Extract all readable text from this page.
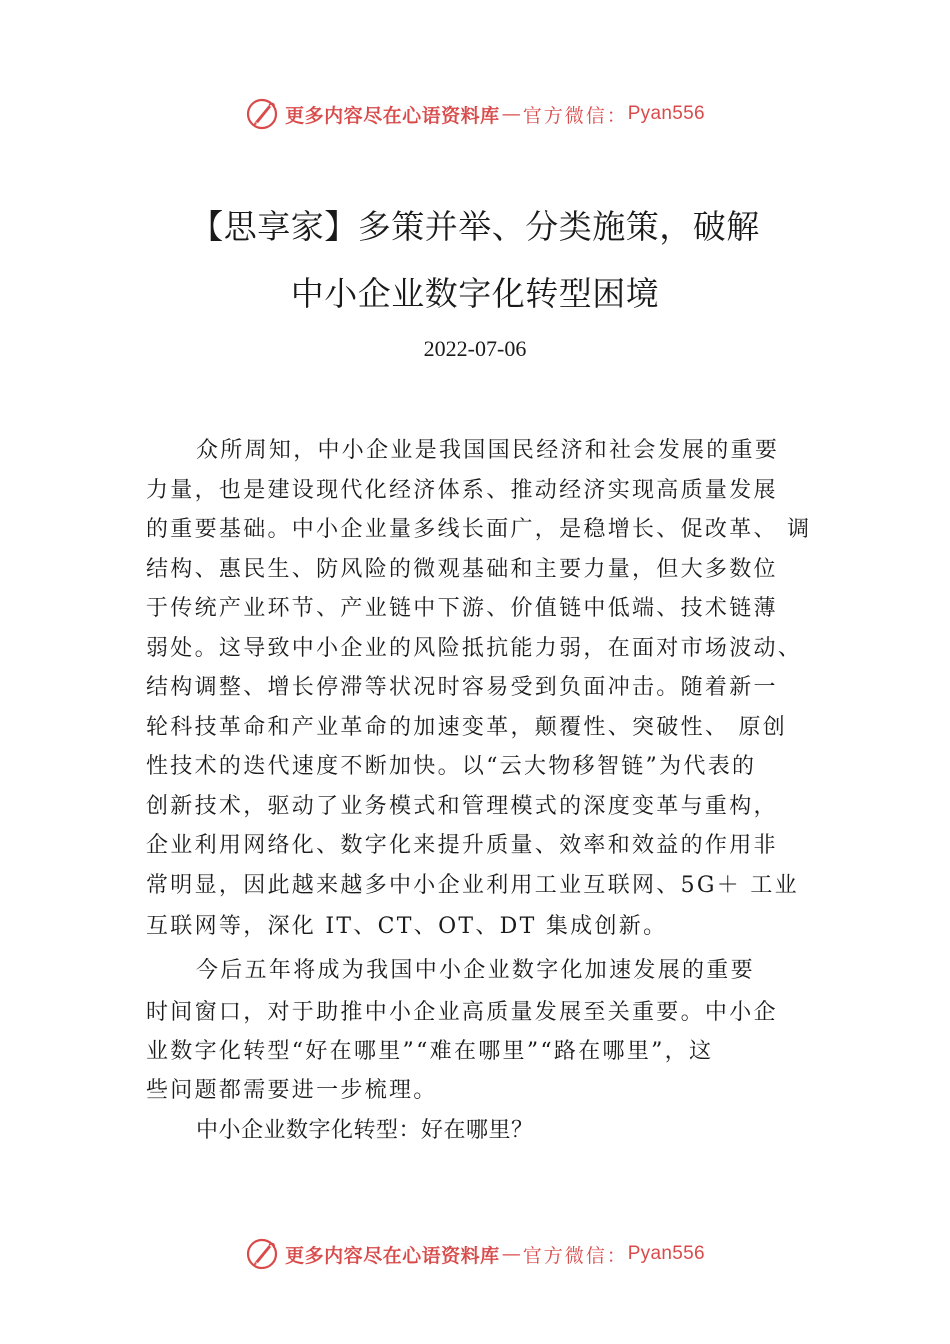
更多内容尽在心语资料库 — 官方微信： Pyan556
【思享家】多策并举、分类施策，破解
中小企业数字化转型困境
2022-07-06
众所周知，中小企业是我国国民经济和社会发展的重要
力量，也是建设现代化经济体系、推动经济实现高质量发展
的重要基础。中小企业量多线长面广，是稳增长、促改革、 调
结构、惠民生、防风险的微观基础和主要力量，但大多数位
于传统产业环节、产业链中下游、价值链中低端、技术链薄
弱处。这导致中小企业的风险抵抗能力弱，在面对市场波动、
结构调整、增长停滞等状况时容易受到负面冲击。随着新一
轮科技革命和产业革命的加速变革，颠覆性、突破性、 原创
性技术的迭代速度不断加快。以“云大物移智链”为代表的
创新技术，驱动了业务模式和管理模式的深度变革与重构，
企业利用网络化、数字化来提升质量、效率和效益的作用非
常明显，因此越来越多中小企业利用工业互联网、5G＋ 工业
互联网等，深化 IT、CT、OT、DT 集成创新。
今后五年将成为我国中小企业数字化加速发展的重要
时间窗口，对于助推中小企业高质量发展至关重要。中小企
业数字化转型“好在哪里”“难在哪里”“路在哪里”，这
些问题都需要进一步梳理。
中小企业数字化转型：好在哪里？
更多内容尽在心语资料库 — 官方微信： Pyan556
